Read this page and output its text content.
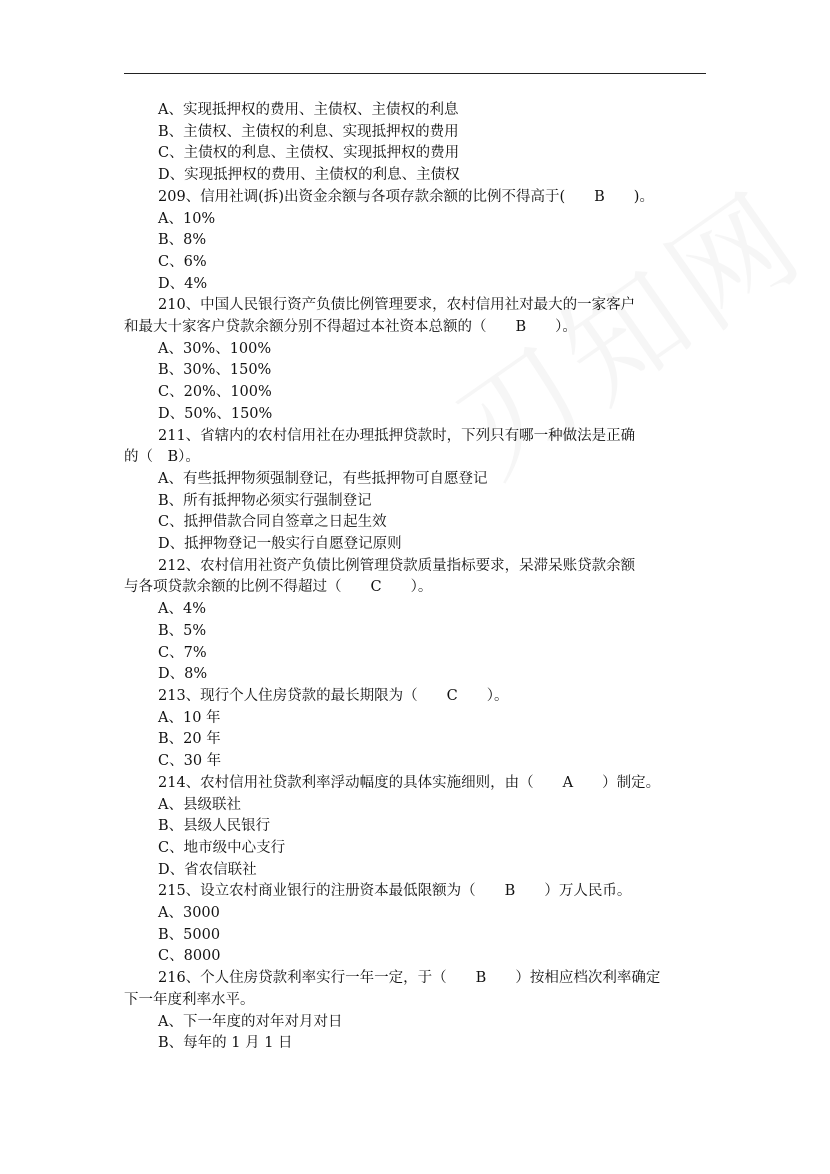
A、实现抵押权的费用、主债权、主债权的利息
B、主债权、主债权的利息、实现抵押权的费用
C、主债权的利息、主债权、实现抵押权的费用
D、实现抵押权的费用、主债权的利息、主债权
209、信用社调(拆)出资金余额与各项存款余额的比例不得高于(　　B　　)。
A、10%
B、8%
C、6%
D、4%
210、中国人民银行资产负债比例管理要求，农村信用社对最大的一家客户
和最大十家客户贷款余额分别不得超过本社资本总额的（　　B　　）。
A、30%、100%
B、30%、150%
C、20%、100%
D、50%、150%
211、省辖内的农村信用社在办理抵押贷款时，下列只有哪一种做法是正确
的（　B）。
A、有些抵押物须强制登记，有些抵押物可自愿登记
B、所有抵押物必须实行强制登记
C、抵押借款合同自签章之日起生效
D、抵押物登记一般实行自愿登记原则
212、农村信用社资产负债比例管理贷款质量指标要求，呆滞呆账贷款余额
与各项贷款余额的比例不得超过（　　C　　）。
A、4%
B、5%
C、7%
D、8%
213、现行个人住房贷款的最长期限为（　　C　　）。
A、10 年
B、20 年
C、30 年
214、农村信用社贷款利率浮动幅度的具体实施细则，由（　　A　　）制定。
A、县级联社
B、县级人民银行
C、地市级中心支行
D、省农信联社
215、设立农村商业银行的注册资本最低限额为（　　B　　）万人民币。
A、3000
B、5000
C、8000
216、个人住房贷款利率实行一年一定，于（　　B　　）按相应档次利率确定
下一年度利率水平。
A、下一年度的对年对月对日
B、每年的 1 月 1 日
